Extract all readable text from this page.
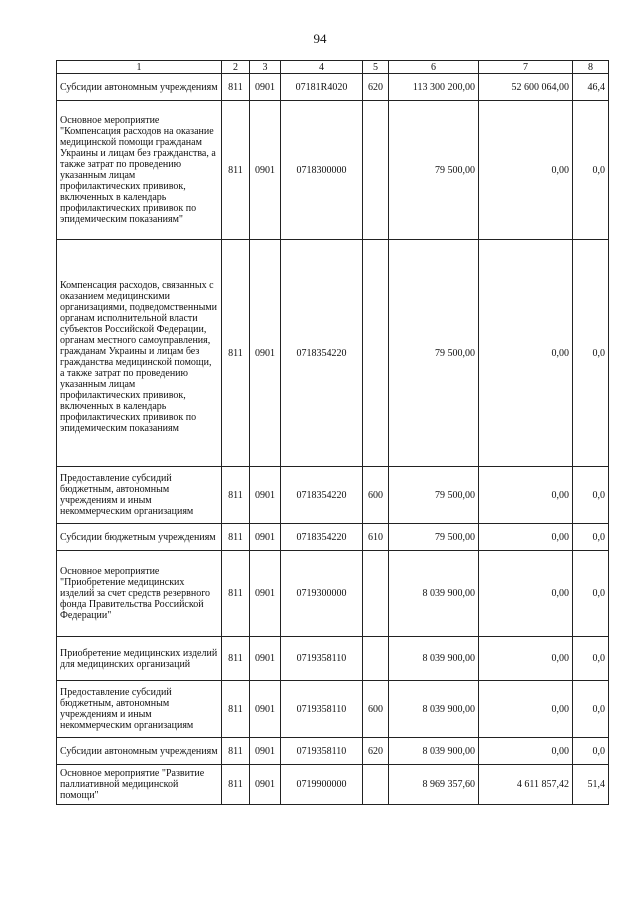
94
1	2	3	4	5	6	7	8
Субсидии автономным учреждениям	811	0901	07181R4020	620	113 300 200,00	52 600 064,00	46,4
Основное мероприятие "Компенсация расходов на оказание медицинской помощи гражданам Украины и лицам без гражданства, а также затрат по проведению указанным лицам профилактических прививок, включенных в календарь профилактических прививок по эпидемическим показаниям"	811	0901	0718300000		79 500,00	0,00	0,0
Компенсация расходов, связанных с оказанием медицинскими организациями, подведомственными органам исполнительной власти субъектов Российской Федерации, органам местного самоуправления, гражданам Украины и лицам без гражданства медицинской помощи, а также затрат по проведению указанным лицам профилактических прививок, включенных в календарь профилактических прививок по эпидемическим показаниям	811	0901	0718354220		79 500,00	0,00	0,0
Предоставление субсидий бюджетным, автономным учреждениям и иным некоммерческим организациям	811	0901	0718354220	600	79 500,00	0,00	0,0
Субсидии бюджетным учреждениям	811	0901	0718354220	610	79 500,00	0,00	0,0
Основное мероприятие "Приобретение медицинских изделий за счет средств резервного фонда Правительства Российской Федерации"	811	0901	0719300000		8 039 900,00	0,00	0,0
Приобретение медицинских изделий для медицинских организаций	811	0901	0719358110		8 039 900,00	0,00	0,0
Предоставление субсидий бюджетным, автономным учреждениям и иным некоммерческим организациям	811	0901	0719358110	600	8 039 900,00	0,00	0,0
Субсидии автономным учреждениям	811	0901	0719358110	620	8 039 900,00	0,00	0,0
Основное мероприятие "Развитие паллиативной медицинской помощи"	811	0901	0719900000		8 969 357,60	4 611 857,42	51,4
